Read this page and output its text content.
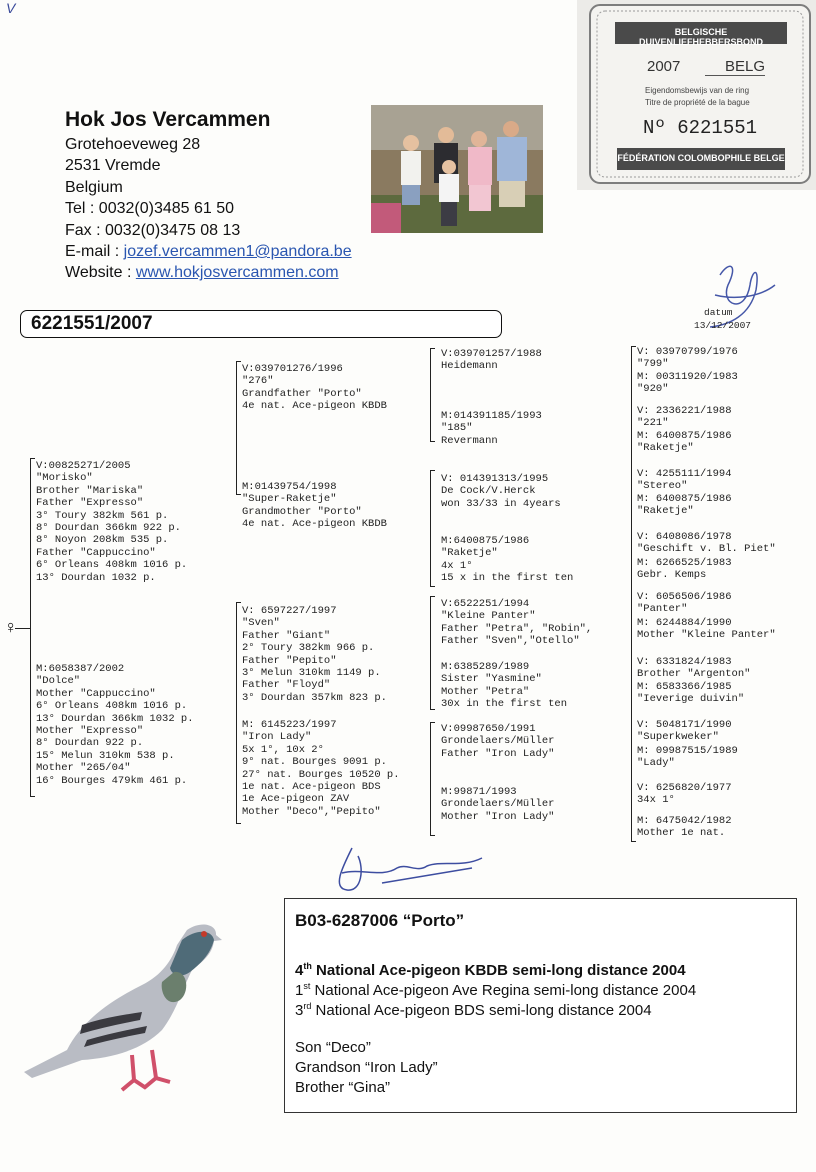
V
Hok Jos Vercammen
Grotehoeveweg 28
2531 Vremde
Belgium
Tel : 0032(0)3485 61 50
Fax : 0032(0)3475 08 13
E-mail : jozef.vercammen1@pandora.be
Website : www.hokjosvercammen.com
BELGISCHE DUIVENLIEFHEBBERSBOND
2007	BELG
Eigendomsbewijs van de ring
Titre de propriété de la bague
Nº 6221551
FÉDÉRATION COLOMBOPHILE BELGE
datum
13/12/2007
6221551/2007
♀
V:00825271/2005
"Morisko"
Brother "Mariska"
Father "Expresso"
3° Toury 382km 561 p.
8° Dourdan 366km 922 p.
8° Noyon 208km 535 p.
Father "Cappuccino"
6° Orleans 408km 1016 p.
13° Dourdan 1032 p.
M:6058387/2002
"Dolce"
Mother "Cappuccino"
6° Orleans 408km 1016 p.
13° Dourdan 366km 1032 p.
Mother "Expresso"
8° Dourdan 922 p.
15° Melun 310km 538 p.
Mother "265/04"
16° Bourges 479km 461 p.
V:039701276/1996
"276"
Grandfather "Porto"
4e nat. Ace-pigeon KBDB
M:01439754/1998
"Super-Raketje"
Grandmother "Porto"
4e nat. Ace-pigeon KBDB
V: 6597227/1997
"Sven"
Father "Giant"
2° Toury 382km 966 p.
Father "Pepito"
3° Melun 310km 1149 p.
Father "Floyd"
3° Dourdan 357km 823 p.
M: 6145223/1997
"Iron Lady"
5x 1°, 10x 2°
9° nat. Bourges 9091 p.
27° nat. Bourges 10520 p.
1e nat. Ace-pigeon BDS
1e Ace-pigeon ZAV
Mother "Deco","Pepito"
V:039701257/1988
Heidemann
M:014391185/1993
"185"
Revermann
V: 014391313/1995
De Cock/V.Herck
won 33/33 in 4years
M:6400875/1986
"Raketje"
4x 1°
15 x in the first ten
V:6522251/1994
"Kleine Panter"
Father "Petra", "Robin",
Father "Sven","Otello"
M:6385289/1989
Sister "Yasmine"
Mother "Petra"
30x in the first ten
V:09987650/1991
Grondelaers/Müller
Father "Iron Lady"
M:99871/1993
Grondelaers/Müller
Mother "Iron Lady"
V: 03970799/1976
"799"
M: 00311920/1983
"920"
V: 2336221/1988
"221"
M: 6400875/1986
"Raketje"
V: 4255111/1994
"Stereo"
M: 6400875/1986
"Raketje"
V: 6408086/1978
"Geschift v. Bl. Piet"
M: 6266525/1983
Gebr. Kemps
V: 6056506/1986
"Panter"
M: 6244884/1990
Mother "Kleine Panter"
V: 6331824/1983
Brother "Argenton"
M: 6583366/1985
"Ieverige duivin"
V: 5048171/1990
"Superkweker"
M: 09987515/1989
"Lady"
V: 6256820/1977
34x 1°
M: 6475042/1982
Mother 1e nat.
B03-6287006 “Porto”
4th National Ace-pigeon KBDB semi-long distance 2004
1st National Ace-pigeon Ave Regina semi-long distance 2004
3rd National Ace-pigeon BDS semi-long distance 2004
Son “Deco”
Grandson “Iron Lady”
Brother “Gina”
